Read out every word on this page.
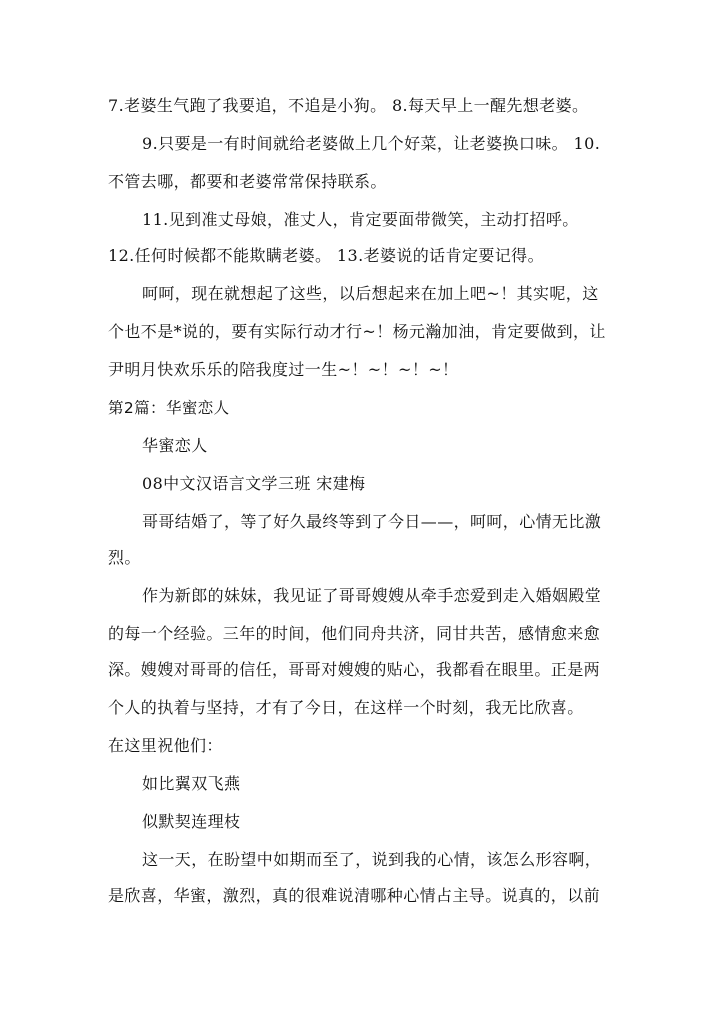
7.老婆生气跑了我要追，不追是小狗。 8.每天早上一醒先想老婆。
9.只要是一有时间就给老婆做上几个好菜，让老婆换口味。 10.
不管去哪，都要和老婆常常保持联系。
11.见到准丈母娘，准丈人，肯定要面带微笑，主动打招呼。
12.任何时候都不能欺瞒老婆。 13.老婆说的话肯定要记得。
呵呵，现在就想起了这些，以后想起来在加上吧~！其实呢，这
个也不是*说的，要有实际行动才行~！杨元瀚加油，肯定要做到，让
尹明月快欢乐乐的陪我度过一生~！~！~！~！
第2篇：华蜜恋人
华蜜恋人
08中文汉语言文学三班 宋建梅
哥哥结婚了，等了好久最终等到了今日——，呵呵，心情无比激
烈。
作为新郎的妹妹，我见证了哥哥嫂嫂从牵手恋爱到走入婚姻殿堂
的每一个经验。三年的时间，他们同舟共济，同甘共苦，感情愈来愈
深。嫂嫂对哥哥的信任，哥哥对嫂嫂的贴心，我都看在眼里。正是两
个人的执着与坚持，才有了今日，在这样一个时刻，我无比欣喜。
在这里祝他们：
如比翼双飞燕
似默契连理枝
这一天，在盼望中如期而至了，说到我的心情，该怎么形容啊，
是欣喜，华蜜，激烈，真的很难说清哪种心情占主导。说真的，以前
